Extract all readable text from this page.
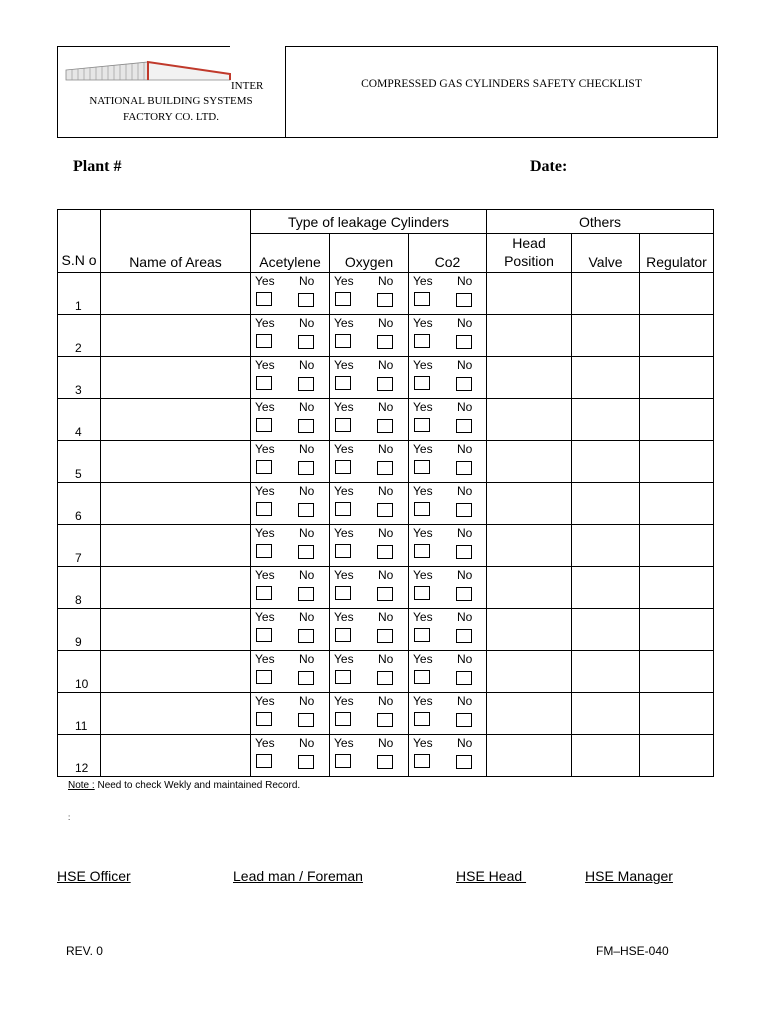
INTER
NATIONAL BUILDING SYSTEMS
FACTORY CO. LTD.
COMPRESSED GAS CYLINDERS SAFETY CHECKLIST
Plant #	Date:
S.N o	Name of Areas	Type of leakage Cylinders			Others		
		Acetylene	Oxygen	Co2	Head Position	Valve	Regulator

1		Yes No	Yes No	Yes No			

2		Yes No	Yes No	Yes No			

3		Yes No	Yes No	Yes No			

4		Yes No	Yes No	Yes No			

5		Yes No	Yes No	Yes No			

6		Yes No	Yes No	Yes No			

7		Yes No	Yes No	Yes No			

8		Yes No	Yes No	Yes No			

9		Yes No	Yes No	Yes No			

10		Yes No	Yes No	Yes No			

11		Yes No	Yes No	Yes No			

12		Yes No	Yes No	Yes No			

Note : Need to check Wekly and maintained Record.
:
HSE Officer	Lead man / Foreman	HSE Head	HSE Manager
REV. 0	FM–HSE-040
